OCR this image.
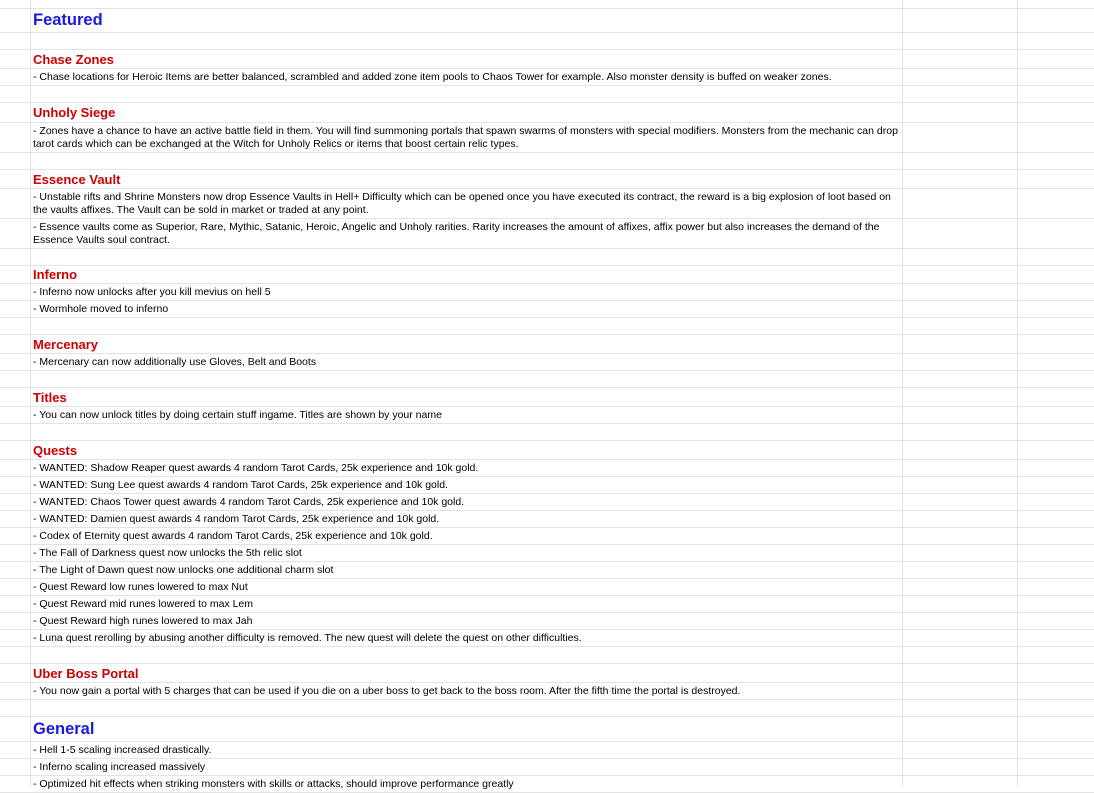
Featured
Chase Zones
- Chase locations for Heroic Items are better balanced, scrambled and added zone item pools to Chaos Tower for example. Also monster density is buffed on weaker zones.
Unholy Siege
- Zones have a chance to have an active battle field in them. You will find summoning portals that spawn swarms of monsters with special modifiers. Monsters from the mechanic can drop tarot cards which can be exchanged at the Witch for Unholy Relics or items that boost certain relic types.
Essence Vault
- Unstable rifts and Shrine Monsters now drop Essence Vaults in Hell+ Difficulty which can be opened once you have executed its contract, the reward is a big explosion of loot based on the vaults affixes. The Vault can be sold in market or traded at any point.
- Essence vaults come as Superior, Rare, Mythic, Satanic, Heroic, Angelic and Unholy rarities. Rarity increases the amount of affixes, affix power but also increases the demand of the Essence Vaults soul contract.
Inferno
- Inferno now unlocks after you kill mevius on hell 5
- Wormhole moved to inferno
Mercenary
- Mercenary can now additionally use Gloves, Belt and Boots
Titles
- You can now unlock titles by doing certain stuff ingame. Titles are shown by your name
Quests
- WANTED: Shadow Reaper quest awards 4 random Tarot Cards, 25k experience and 10k gold.
- WANTED: Sung Lee quest awards 4 random Tarot Cards, 25k experience and 10k gold.
- WANTED: Chaos Tower quest awards 4 random Tarot Cards, 25k experience and 10k gold.
- WANTED: Damien quest awards 4 random Tarot Cards, 25k experience and 10k gold.
- Codex of Eternity quest awards 4 random Tarot Cards, 25k experience and 10k gold.
- The Fall of Darkness quest now unlocks the 5th relic slot
- The Light of Dawn quest now unlocks one additional charm slot
- Quest Reward low runes lowered to max Nut
- Quest Reward mid runes lowered to max Lem
- Quest Reward high runes lowered to max Jah
- Luna quest rerolling by abusing another difficulty is removed. The new quest will delete the quest on other difficulties.
Uber Boss Portal
- You now gain a portal with 5 charges that can be used if you die on a uber boss to get back to the boss room. After the fifth time the portal is destroyed.
General
- Hell 1-5 scaling increased drastically.
- Inferno scaling increased massively
- Optimized hit effects when striking monsters with skills or attacks, should improve performance greatly
